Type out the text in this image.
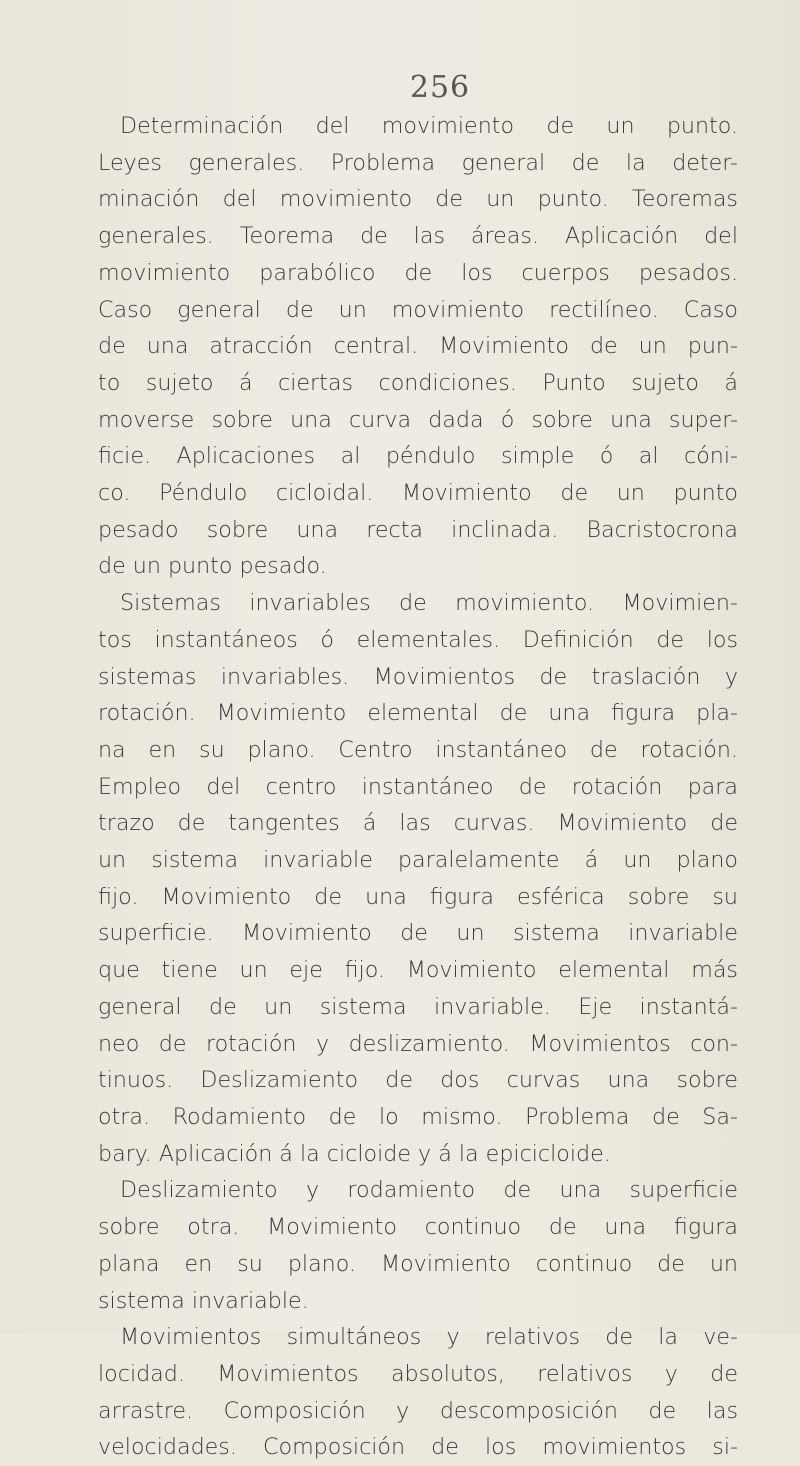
256
Determinación del movimiento de un punto.
Leyes generales. Problema general de la deter-
minación del movimiento de un punto. Teoremas
generales. Teorema de las áreas. Aplicación del
movimiento parabólico de los cuerpos pesados.
Caso general de un movimiento rectilíneo. Caso
de una atracción central. Movimiento de un pun-
to sujeto á ciertas condiciones. Punto sujeto á
moverse sobre una curva dada ó sobre una super-
ficie. Aplicaciones al péndulo simple ó al cóni-
co. Péndulo cicloidal. Movimiento de un punto
pesado sobre una recta inclinada. Bacristocrona
de un punto pesado.
Sistemas invariables de movimiento. Movimien-
tos instantáneos ó elementales. Definición de los
sistemas invariables. Movimientos de traslación y
rotación. Movimiento elemental de una figura pla-
na en su plano. Centro instantáneo de rotación.
Empleo del centro instantáneo de rotación para
trazo de tangentes á las curvas. Movimiento de
un sistema invariable paralelamente á un plano
fijo. Movimiento de una figura esférica sobre su
superficie. Movimiento de un sistema invariable
que tiene un eje fijo. Movimiento elemental más
general de un sistema invariable. Eje instantá-
neo de rotación y deslizamiento. Movimientos con-
tinuos. Deslizamiento de dos curvas una sobre
otra. Rodamiento de lo mismo. Problema de Sa-
bary. Aplicación á la cicloide y á la epicicloide.
Deslizamiento y rodamiento de una superficie
sobre otra. Movimiento continuo de una figura
plana en su plano. Movimiento continuo de un
sistema invariable.
Movimientos simultáneos y relativos de la ve-
locidad. Movimientos absolutos, relativos y de
arrastre. Composición y descomposición de las
velocidades. Composición de los movimientos si-
